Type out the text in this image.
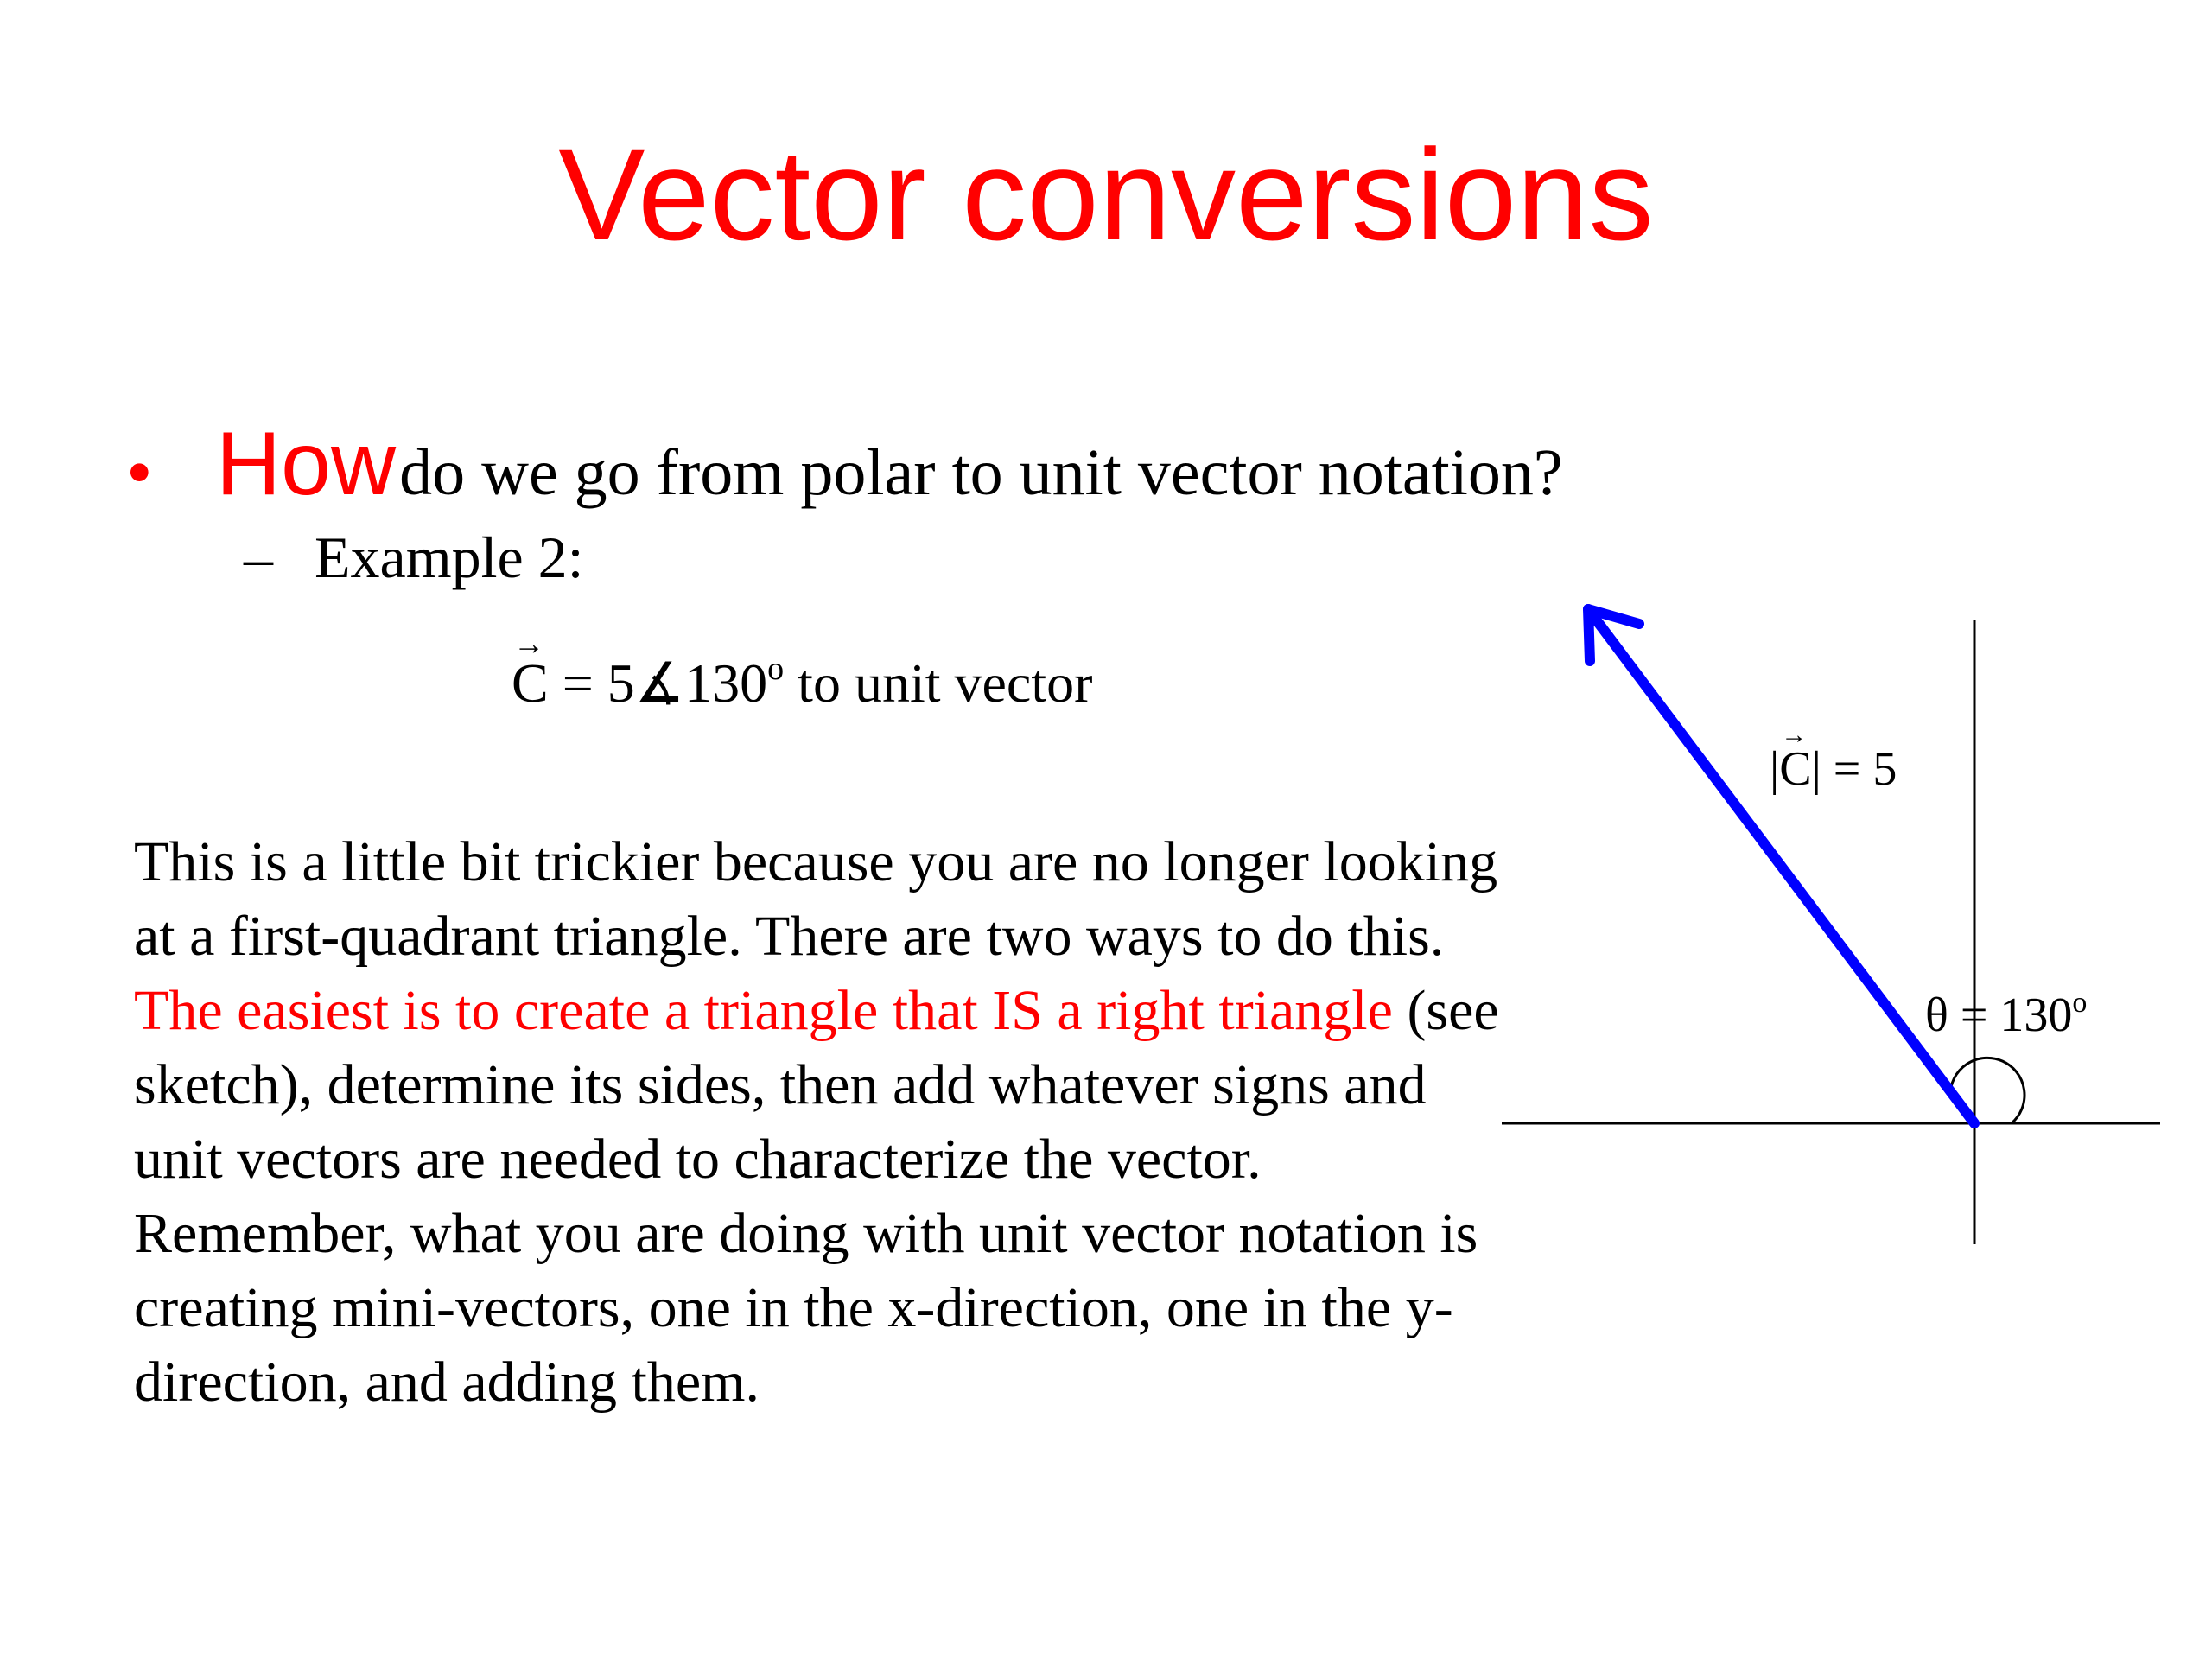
Vector conversions
• How do we go from polar to unit vector notation?
– Example 2:
→
$C = 5∡130^o$ to unit vector
This is a little bit trickier because you are no longer looking at a first-quadrant triangle. There are two ways to do this. The easiest is to create a triangle that IS a right triangle (see sketch), determine its sides, then add whatever signs and unit vectors are needed to characterize the vector. Remember, what you are doing with unit vector notation is creating mini-vectors, one in the x-direction, one in the y-direction, and adding them.
|
→
C| = 5
$\theta = 130^o$
